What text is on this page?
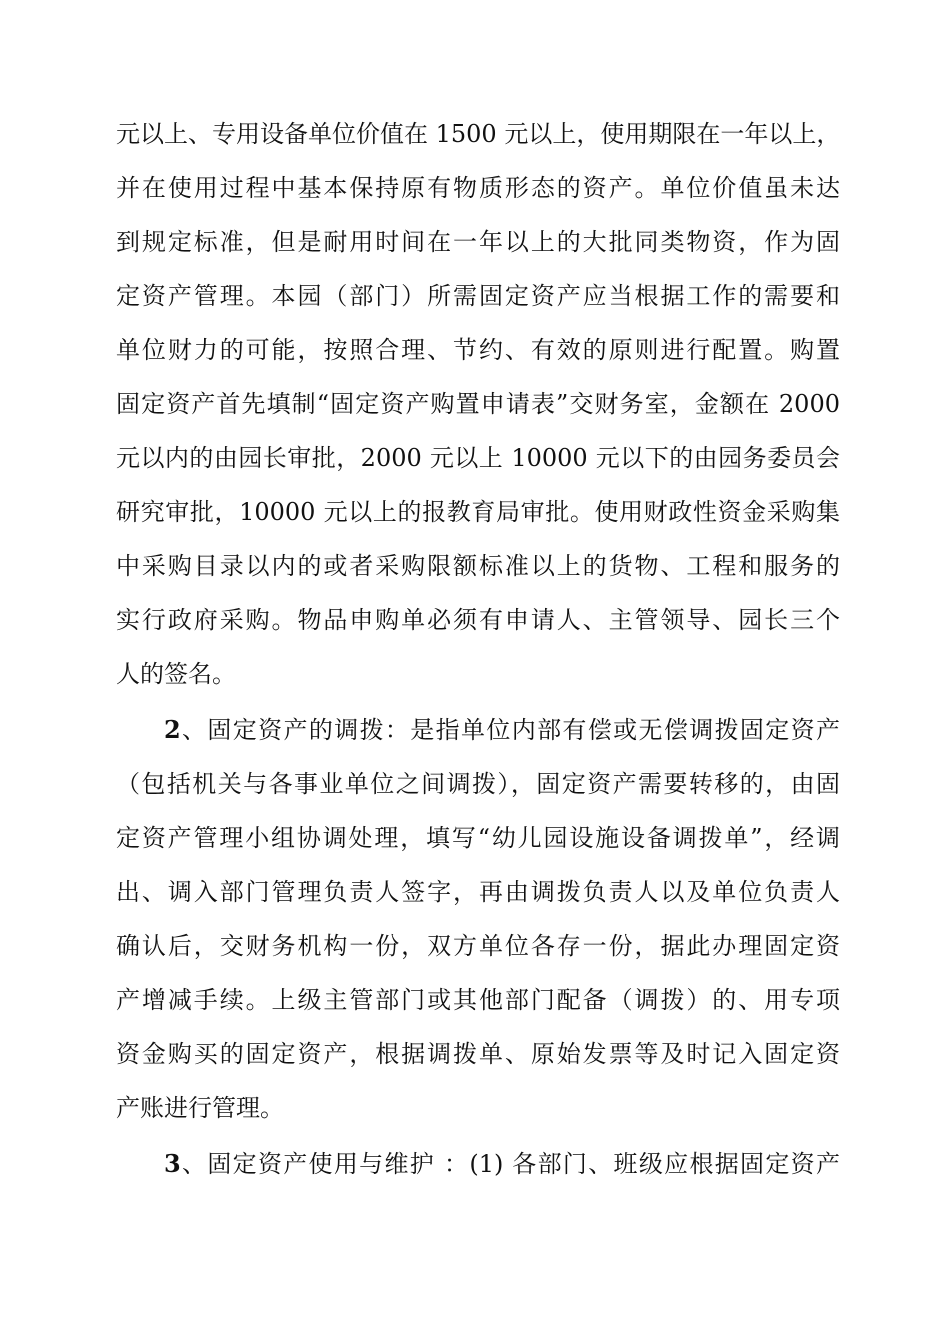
元以上、专用设备单位价值在 1500 元以上，使用期限在一年以上，
并在使用过程中基本保持原有物质形态的资产。单位价值虽未达
到规定标准，但是耐用时间在一年以上的大批同类物资，作为固
定资产管理。本园（部门）所需固定资产应当根据工作的需要和
单位财力的可能，按照合理、节约、有效的原则进行配置。购置
固定资产首先填制“固定资产购置申请表”交财务室，金额在 2000
元以内的由园长审批，2000 元以上 10000 元以下的由园务委员会
研究审批，10000 元以上的报教育局审批。使用财政性资金采购集
中采购目录以内的或者采购限额标准以上的货物、工程和服务的
实行政府采购。物品申购单必须有申请人、主管领导、园长三个
人的签名。
2、固定资产的调拨：是指单位内部有偿或无偿调拨固定资产
（包括机关与各事业单位之间调拨），固定资产需要转移的，由固
定资产管理小组协调处理，填写“幼儿园设施设备调拨单”，经调
出、调入部门管理负责人签字，再由调拨负责人以及单位负责人
确认后，交财务机构一份，双方单位各存一份，据此办理固定资
产增减手续。上级主管部门或其他部门配备（调拨）的、用专项
资金购买的固定资产，根据调拨单、原始发票等及时记入固定资
产账进行管理。
3、固定资产使用与维护 ：(1) 各部门、班级应根据固定资产
